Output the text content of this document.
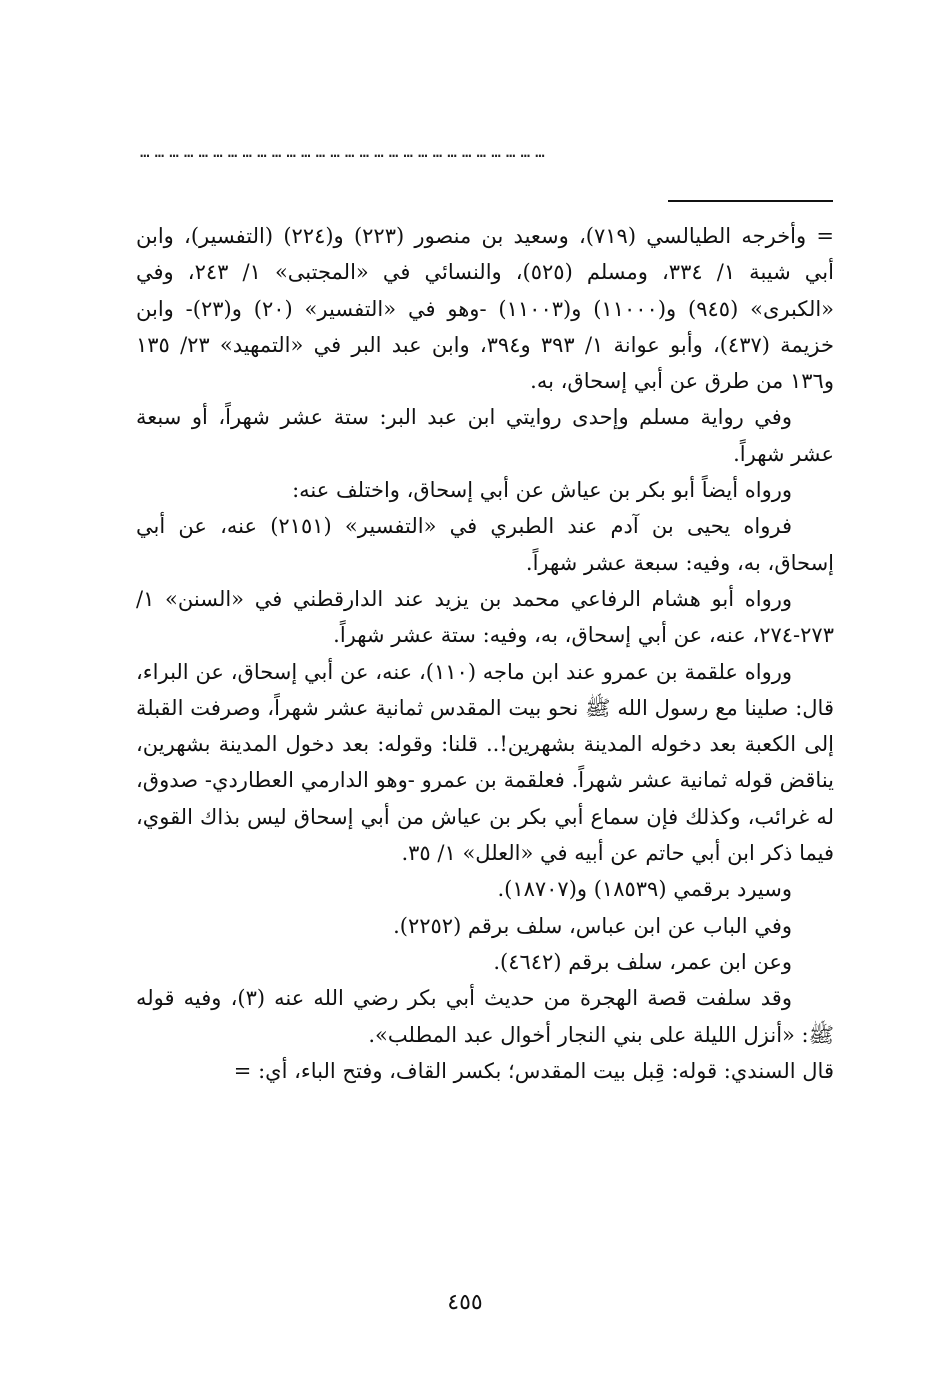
…………………………………………………………………………

= وأخرجه الطيالسي (٧١٩)، وسعيد بن منصور (٢٢٣) و(٢٢٤) (التفسير)، وابن أبي شيبة ١/ ٣٣٤، ومسلم (٥٢٥)، والنسائي في «المجتبى» ١/ ٢٤٣، وفي «الكبرى» (٩٤٥) و(١١٠٠٠) و(١١٠٠٣) -وهو في «التفسير» (٢٠) و(٢٣)- وابن خزيمة (٤٣٧)، وأبو عوانة ١/ ٣٩٣ و٣٩٤، وابن عبد البر في «التمهيد» ٢٣/ ١٣٥ و١٣٦ من طرق عن أبي إسحاق، به.

وفي رواية مسلم وإحدى روايتي ابن عبد البر: ستة عشر شهراً، أو سبعة عشر شهراً.

ورواه أيضاً أبو بكر بن عياش عن أبي إسحاق، واختلف عنه:

فرواه يحيى بن آدم عند الطبري في «التفسير» (٢١٥١) عنه، عن أبي إسحاق، به، وفيه: سبعة عشر شهراً.

ورواه أبو هشام الرفاعي محمد بن يزيد عند الدارقطني في «السنن» ١/ ٢٧٣-٢٧٤، عنه، عن أبي إسحاق، به، وفيه: ستة عشر شهراً.

ورواه علقمة بن عمرو عند ابن ماجه (١١٠)، عنه، عن أبي إسحاق، عن البراء، قال: صلينا مع رسول الله ﷺ نحو بيت المقدس ثمانية عشر شهراً، وصرفت القبلة إلى الكعبة بعد دخوله المدينة بشهرين!.. قلنا: وقوله: بعد دخول المدينة بشهرين، يناقض قوله ثمانية عشر شهراً. فعلقمة بن عمرو -وهو الدارمي العطاردي- صدوق، له غرائب، وكذلك فإن سماع أبي بكر بن عياش من أبي إسحاق ليس بذاك القوي، فيما ذكر ابن أبي حاتم عن أبيه في «العلل» ١/ ٣٥.

وسيرد برقمي (١٨٥٣٩) و(١٨٧٠٧).

وفي الباب عن ابن عباس، سلف برقم (٢٢٥٢).

وعن ابن عمر، سلف برقم (٤٦٤٢).

وقد سلفت قصة الهجرة من حديث أبي بكر رضي الله عنه (٣)، وفيه قوله ﷺ: «أنزل الليلة على بني النجار أخوال عبد المطلب».

قال السندي: قوله: قِبل بيت المقدس؛ بكسر القاف، وفتح الباء، أي: =

٤٥٥
